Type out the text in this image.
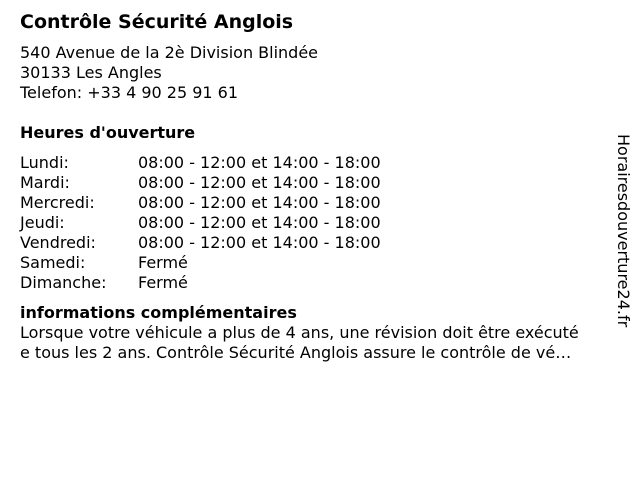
Contrôle Sécurité Anglois
540 Avenue de la 2è Division Blindée
30133 Les Angles
Telefon: +33 4 90 25 91 61
Heures d'ouverture
Lundi:	08:00 - 12:00 et 14:00 - 18:00
Mardi:	08:00 - 12:00 et 14:00 - 18:00
Mercredi:	08:00 - 12:00 et 14:00 - 18:00
Jeudi:	08:00 - 12:00 et 14:00 - 18:00
Vendredi:	08:00 - 12:00 et 14:00 - 18:00
Samedi:	Fermé
Dimanche:	Fermé
informations complémentaires
Lorsque votre véhicule a plus de 4 ans, une révision doit être exécuté
e tous les 2 ans. Contrôle Sécurité Anglois assure le contrôle de vé…
Horairesdouverture24.fr
